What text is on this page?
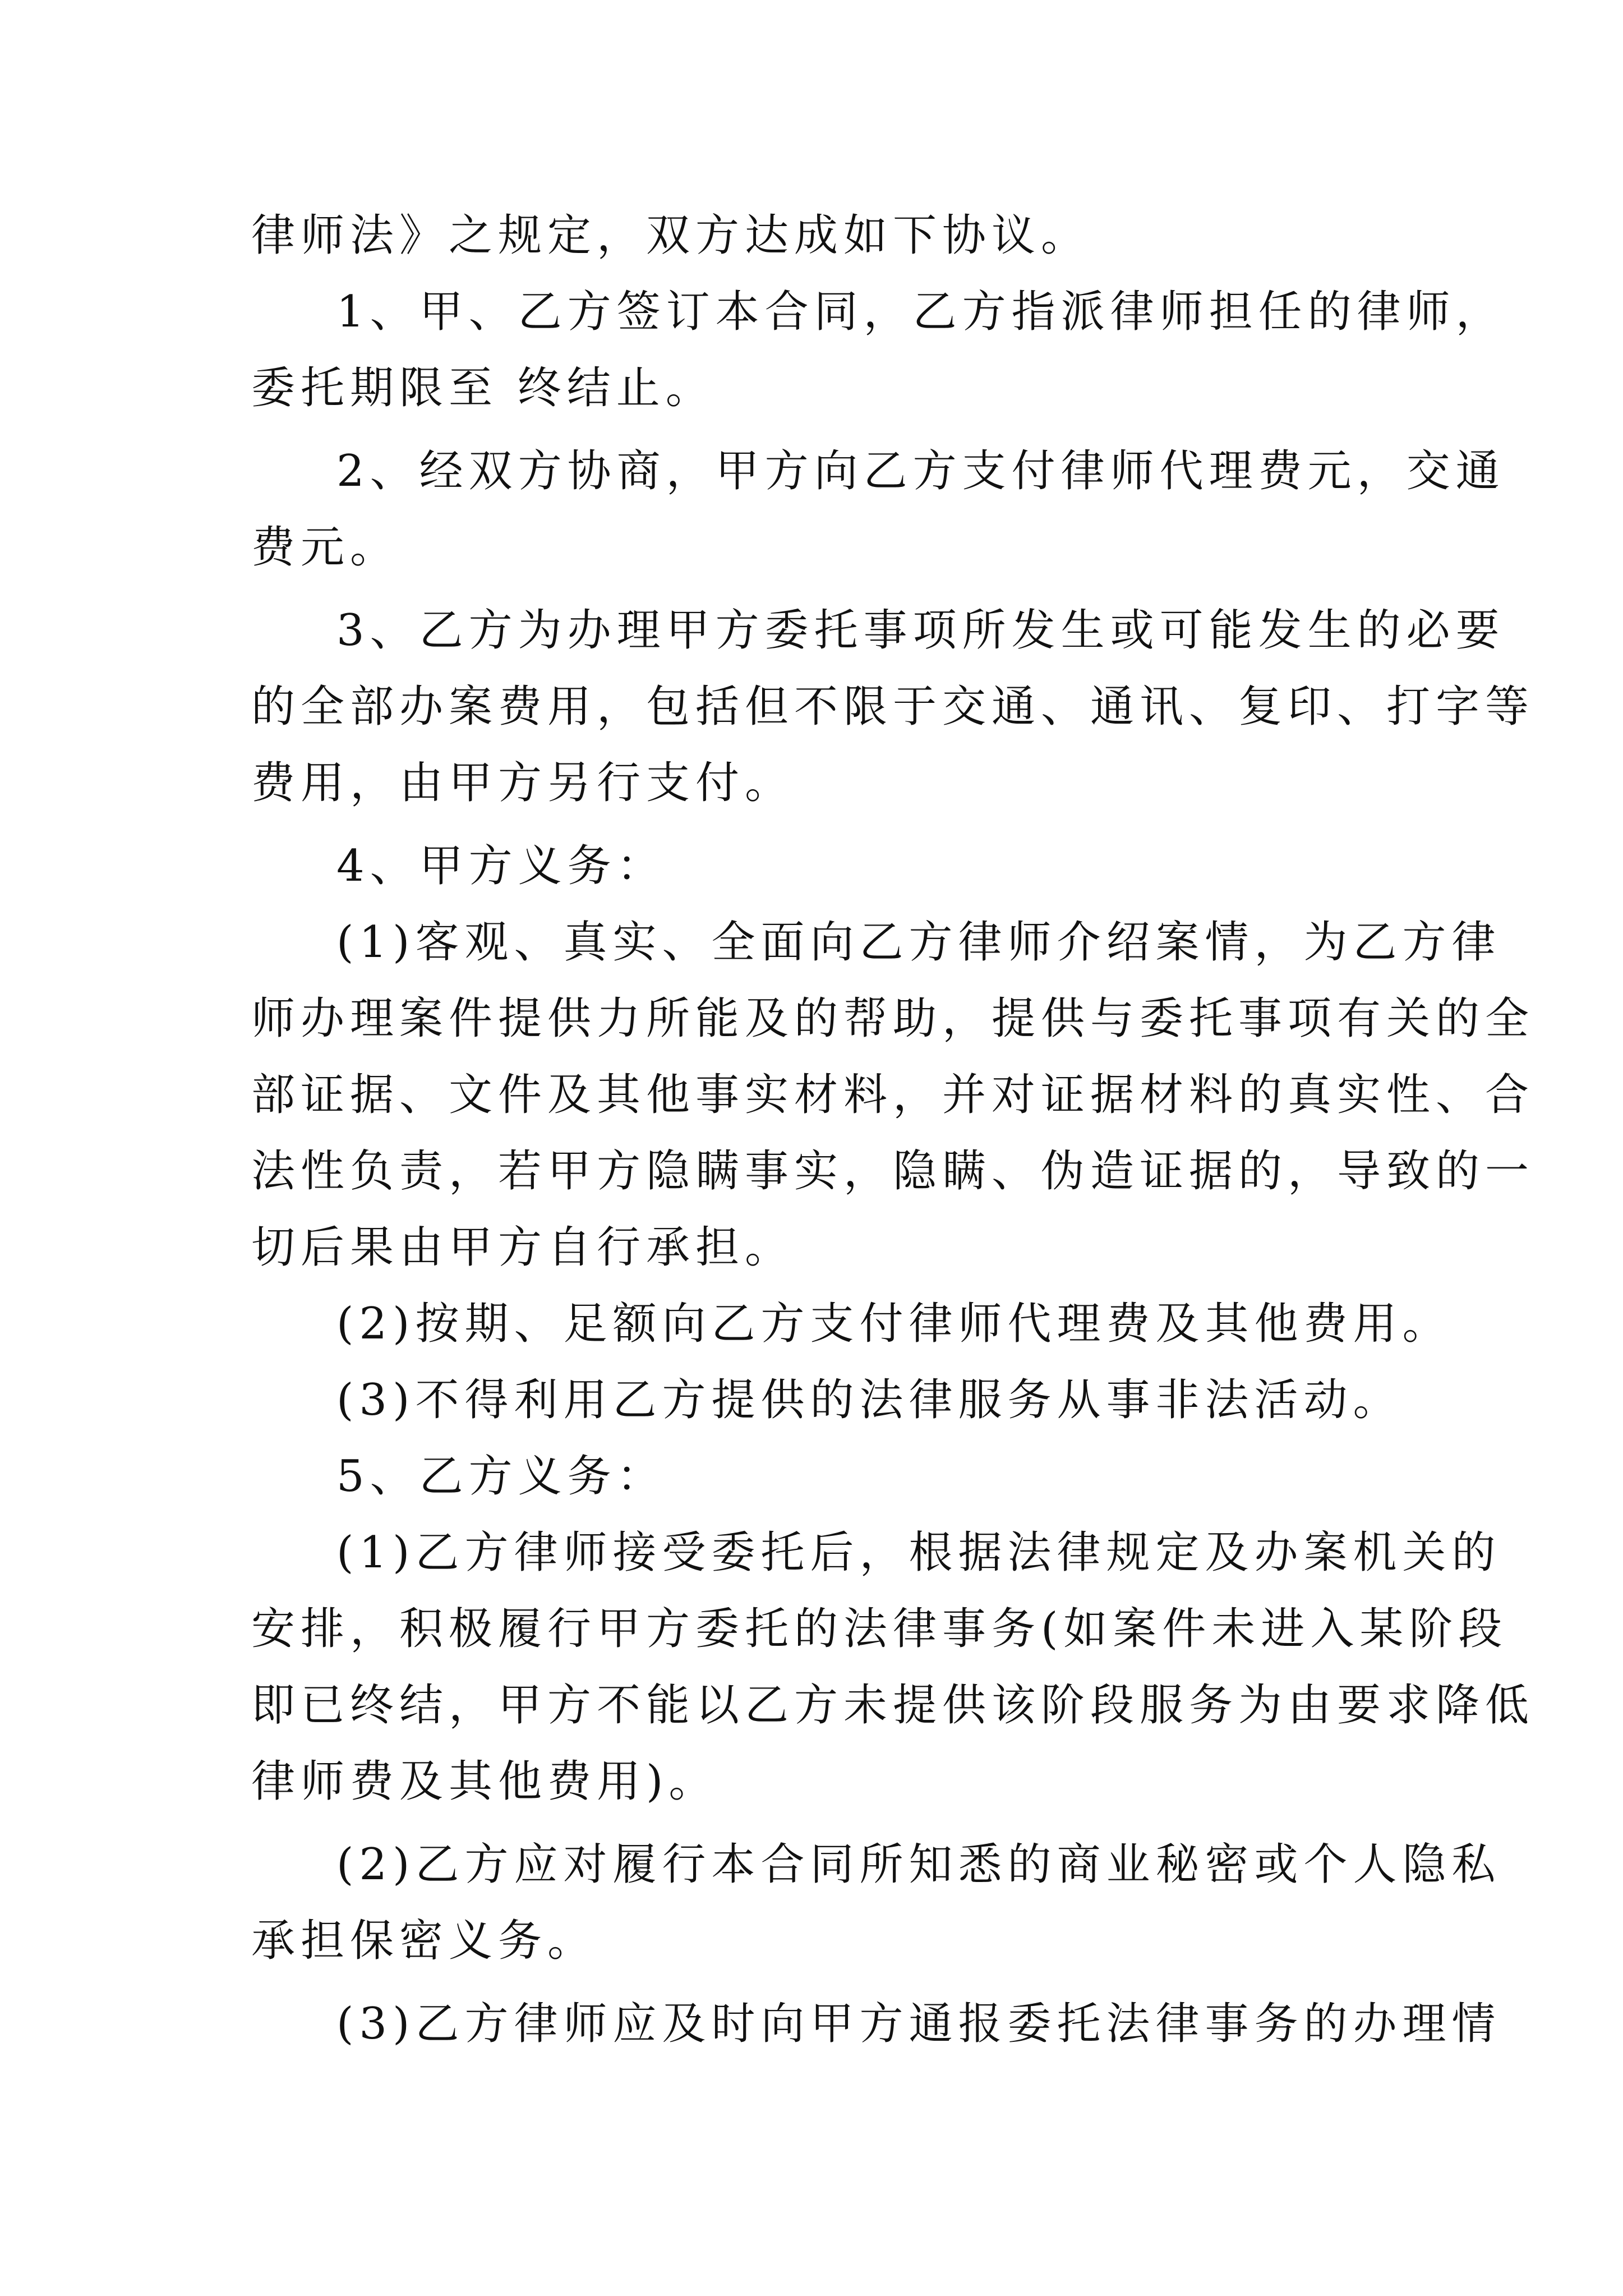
律师法》之规定，双方达成如下协议。
1、甲、乙方签订本合同，乙方指派律师担任的律师，
委托期限至 终结止。
2、经双方协商，甲方向乙方支付律师代理费元，交通
费元。
3、乙方为办理甲方委托事项所发生或可能发生的必要
的全部办案费用，包括但不限于交通、通讯、复印、打字等
费用，由甲方另行支付。
4、甲方义务：
(1)客观、真实、全面向乙方律师介绍案情，为乙方律
师办理案件提供力所能及的帮助，提供与委托事项有关的全
部证据、文件及其他事实材料，并对证据材料的真实性、合
法性负责，若甲方隐瞒事实，隐瞒、伪造证据的，导致的一
切后果由甲方自行承担。
(2)按期、足额向乙方支付律师代理费及其他费用。
(3)不得利用乙方提供的法律服务从事非法活动。
5、乙方义务：
(1)乙方律师接受委托后，根据法律规定及办案机关的
安排，积极履行甲方委托的法律事务(如案件未进入某阶段
即已终结，甲方不能以乙方未提供该阶段服务为由要求降低
律师费及其他费用)。
(2)乙方应对履行本合同所知悉的商业秘密或个人隐私
承担保密义务。
(3)乙方律师应及时向甲方通报委托法律事务的办理情
